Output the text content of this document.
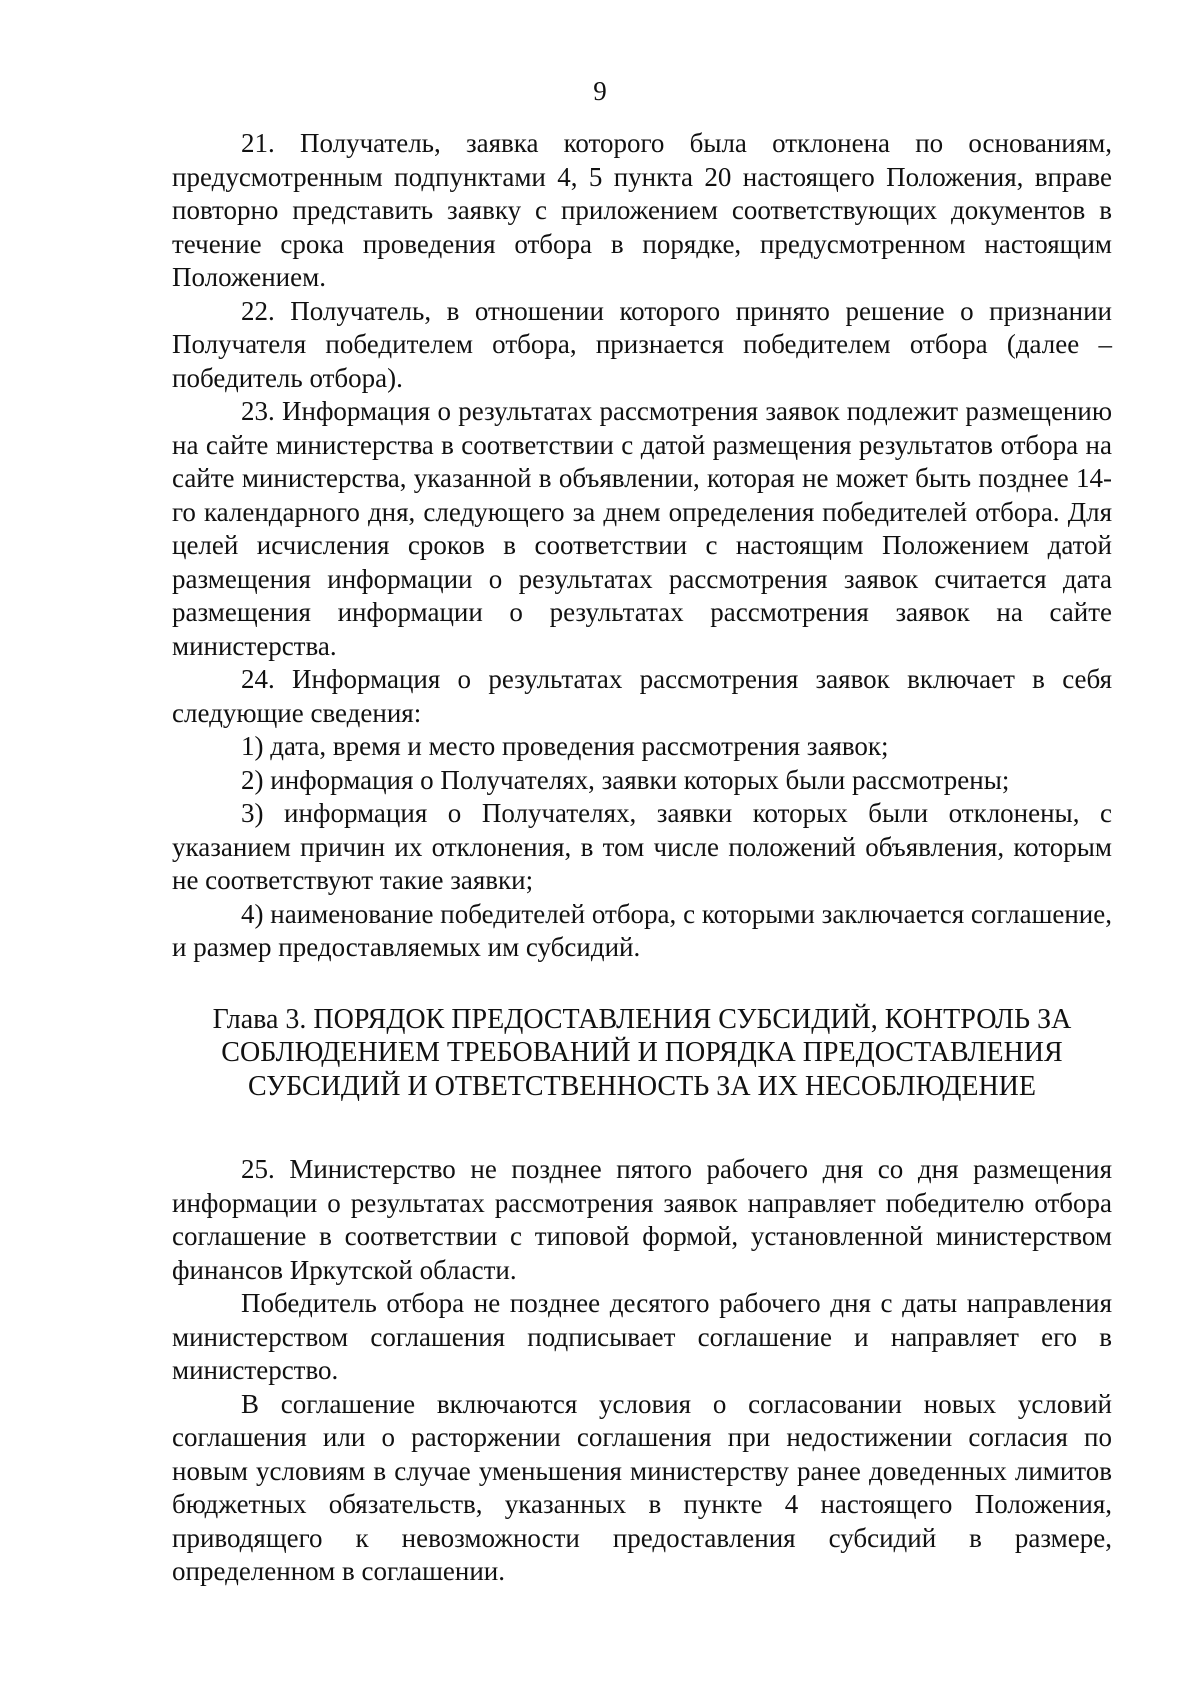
9

21. Получатель, заявка которого была отклонена по основаниям, предусмотренным подпунктами 4, 5 пункта 20 настоящего Положения, вправе повторно представить заявку с приложением соответствующих документов в течение срока проведения отбора в порядке, предусмотренном настоящим Положением.

22. Получатель, в отношении которого принято решение о признании Получателя победителем отбора, признается победителем отбора (далее – победитель отбора).

23. Информация о результатах рассмотрения заявок подлежит размещению на сайте министерства в соответствии с датой размещения результатов отбора на сайте министерства, указанной в объявлении, которая не может быть позднее 14-го календарного дня, следующего за днем определения победителей отбора. Для целей исчисления сроков в соответствии с настоящим Положением датой размещения информации о результатах рассмотрения заявок считается дата размещения информации о результатах рассмотрения заявок на сайте министерства.

24. Информация о результатах рассмотрения заявок включает в себя следующие сведения:

1) дата, время и место проведения рассмотрения заявок;

2) информация о Получателях, заявки которых были рассмотрены;

3) информация о Получателях, заявки которых были отклонены, с указанием причин их отклонения, в том числе положений объявления, которым не соответствуют такие заявки;

4) наименование победителей отбора, с которыми заключается соглашение, и размер предоставляемых им субсидий.

Глава 3. ПОРЯДОК ПРЕДОСТАВЛЕНИЯ СУБСИДИЙ, КОНТРОЛЬ ЗА
СОБЛЮДЕНИЕМ ТРЕБОВАНИЙ И ПОРЯДКА ПРЕДОСТАВЛЕНИЯ
СУБСИДИЙ И ОТВЕТСТВЕННОСТЬ ЗА ИХ НЕСОБЛЮДЕНИЕ

25. Министерство не позднее пятого рабочего дня со дня размещения информации о результатах рассмотрения заявок направляет победителю отбора соглашение в соответствии с типовой формой, установленной министерством финансов Иркутской области.

Победитель отбора не позднее десятого рабочего дня с даты направления министерством соглашения подписывает соглашение и направляет его в министерство.

В соглашение включаются условия о согласовании новых условий соглашения или о расторжении соглашения при недостижении согласия по новым условиям в случае уменьшения министерству ранее доведенных лимитов бюджетных обязательств, указанных в пункте 4 настоящего Положения, приводящего к невозможности предоставления субсидий в размере, определенном в соглашении.
